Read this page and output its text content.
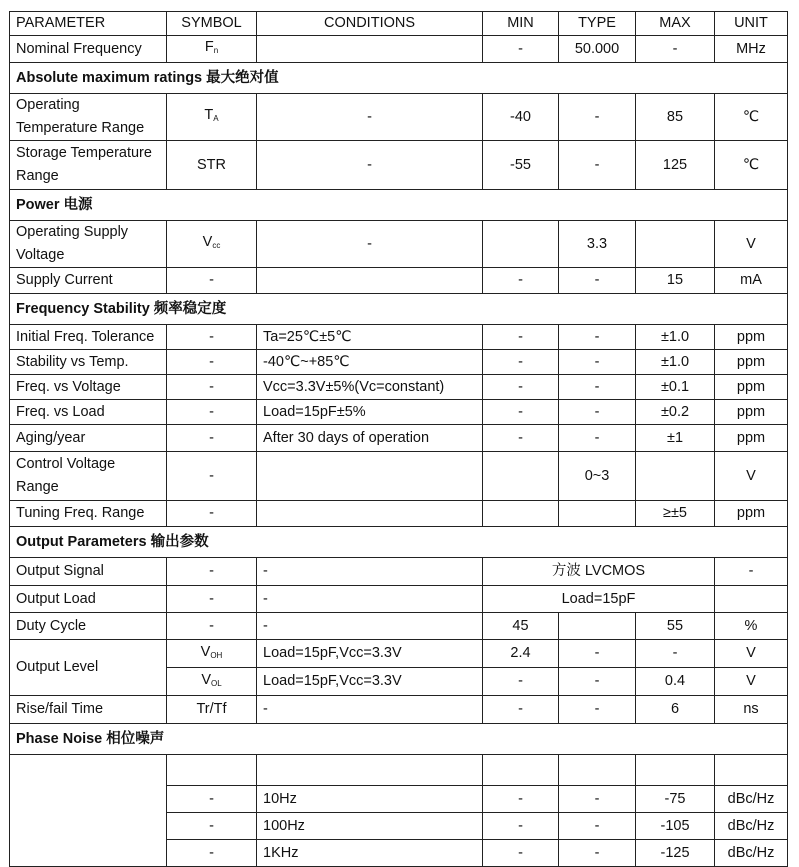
PARAMETER	SYMBOL	CONDITIONS	MIN	TYPE	MAX	UNIT
Nominal Frequency	$F_n$		-	50.000	-	MHz
Absolute maximum ratings 最大绝对值						
Operating Temperature Range	$T_A$	-	-40	-	85	℃
Storage Temperature Range	STR	-	-55	-	125	℃
Power 电源						
Operating Supply Voltage	$V_{cc}$	-		3.3		V
Supply Current	-		-	-	15	mA
Frequency Stability 频率稳定度						
Initial Freq. Tolerance	-	Ta=25℃±5℃	-	-	±1.0	ppm
Stability vs Temp.	-	-40℃~+85℃	-	-	±1.0	ppm
Freq. vs Voltage	-	Vcc=3.3V±5%(Vc=constant)	-	-	±0.1	ppm
Freq. vs Load	-	Load=15pF±5%	-	-	±0.2	ppm
Aging/year	-	After 30 days of operation	-	-	±1	ppm
Control Voltage Range	-			0~3		V
Tuning Freq. Range	-				≥±5	ppm
Output Parameters 输出参数						
Output Signal	-	-	方波 LVCMOS			-
Output Load	-	-	Load=15pF			
Duty Cycle	-	-	45		55	%
Output Level	$V_{OH}$	Load=15pF,Vcc=3.3V	2.4	-	-	V
	$V_{OL}$	Load=15pF,Vcc=3.3V	-	-	0.4	V
Rise/fail Time	Tr/Tf	-	-	-	6	ns
Phase Noise 相位噪声						

	-	10Hz	-	-	-75	dBc/Hz
	-	100Hz	-	-	-105	dBc/Hz
	-	1KHz	-	-	-125	dBc/Hz
